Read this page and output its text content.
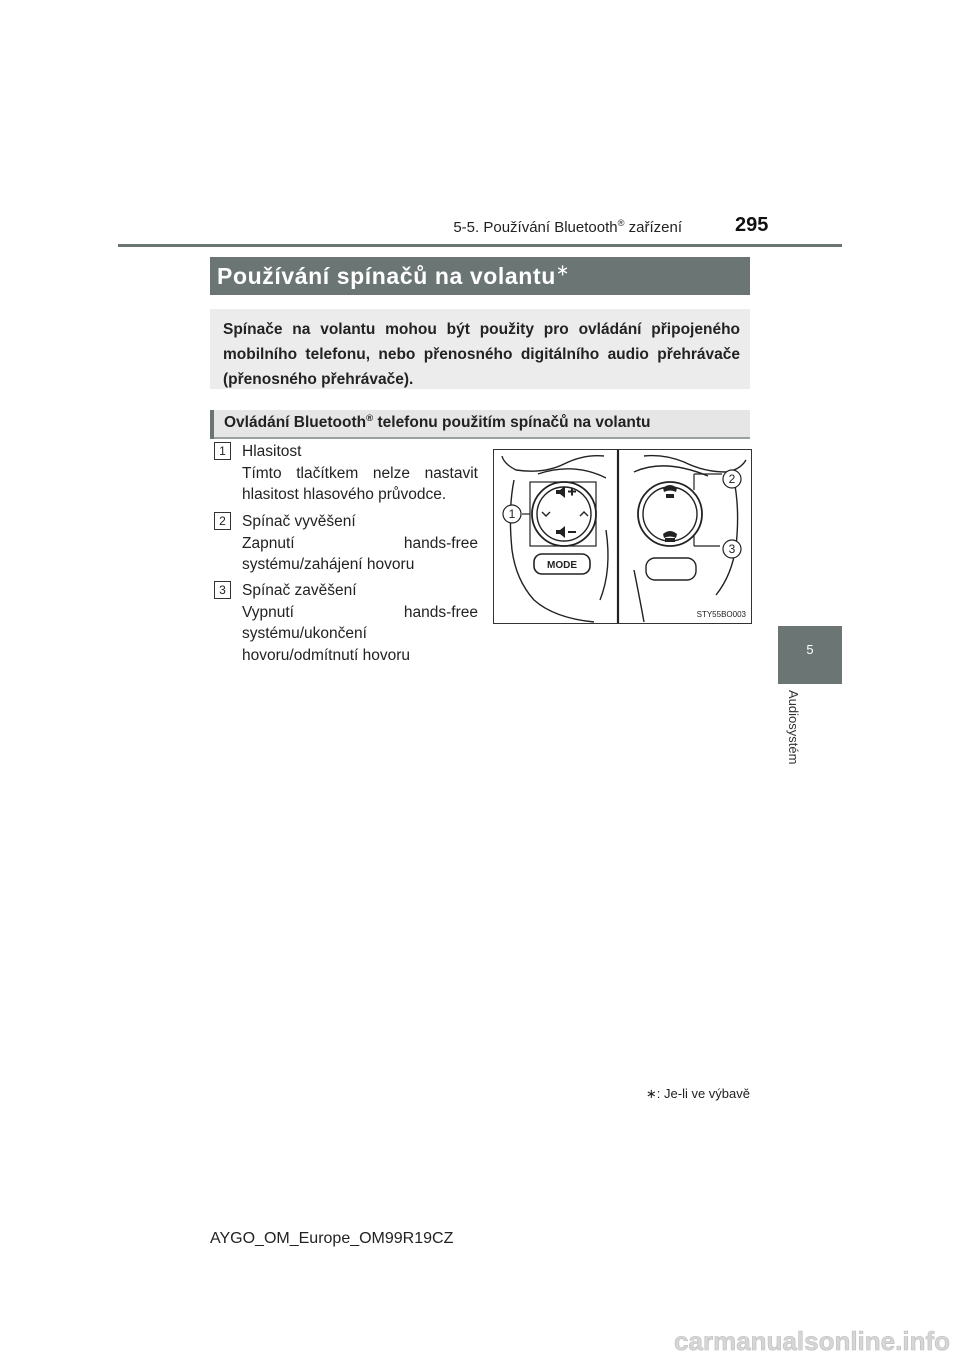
5-5. Používání Bluetooth® zařízení	295
5
Audiosystém
Používání spínačů na volantu∗
Spínače na volantu mohou být použity pro ovládání připojeného mobilního telefonu, nebo přenosného digitálního audio přehrávače (přenosného přehrávače).
Ovládání Bluetooth® telefonu použitím spínačů na volantu
1	Hlasitost
Tímto tlačítkem nelze nastavit hlasitost hlasového průvodce.
2	Spínač vyvěšení
Zapnutí hands-free systému/zahájení hovoru
3	Spínač zavěšení
Vypnutí hands-free systému/ukončení hovoru/odmítnutí hovoru
MODE
1
2
3
STY55BO003
∗: Je-li ve výbavě
AYGO_OM_Europe_OM99R19CZ
carmanualsonline.info
